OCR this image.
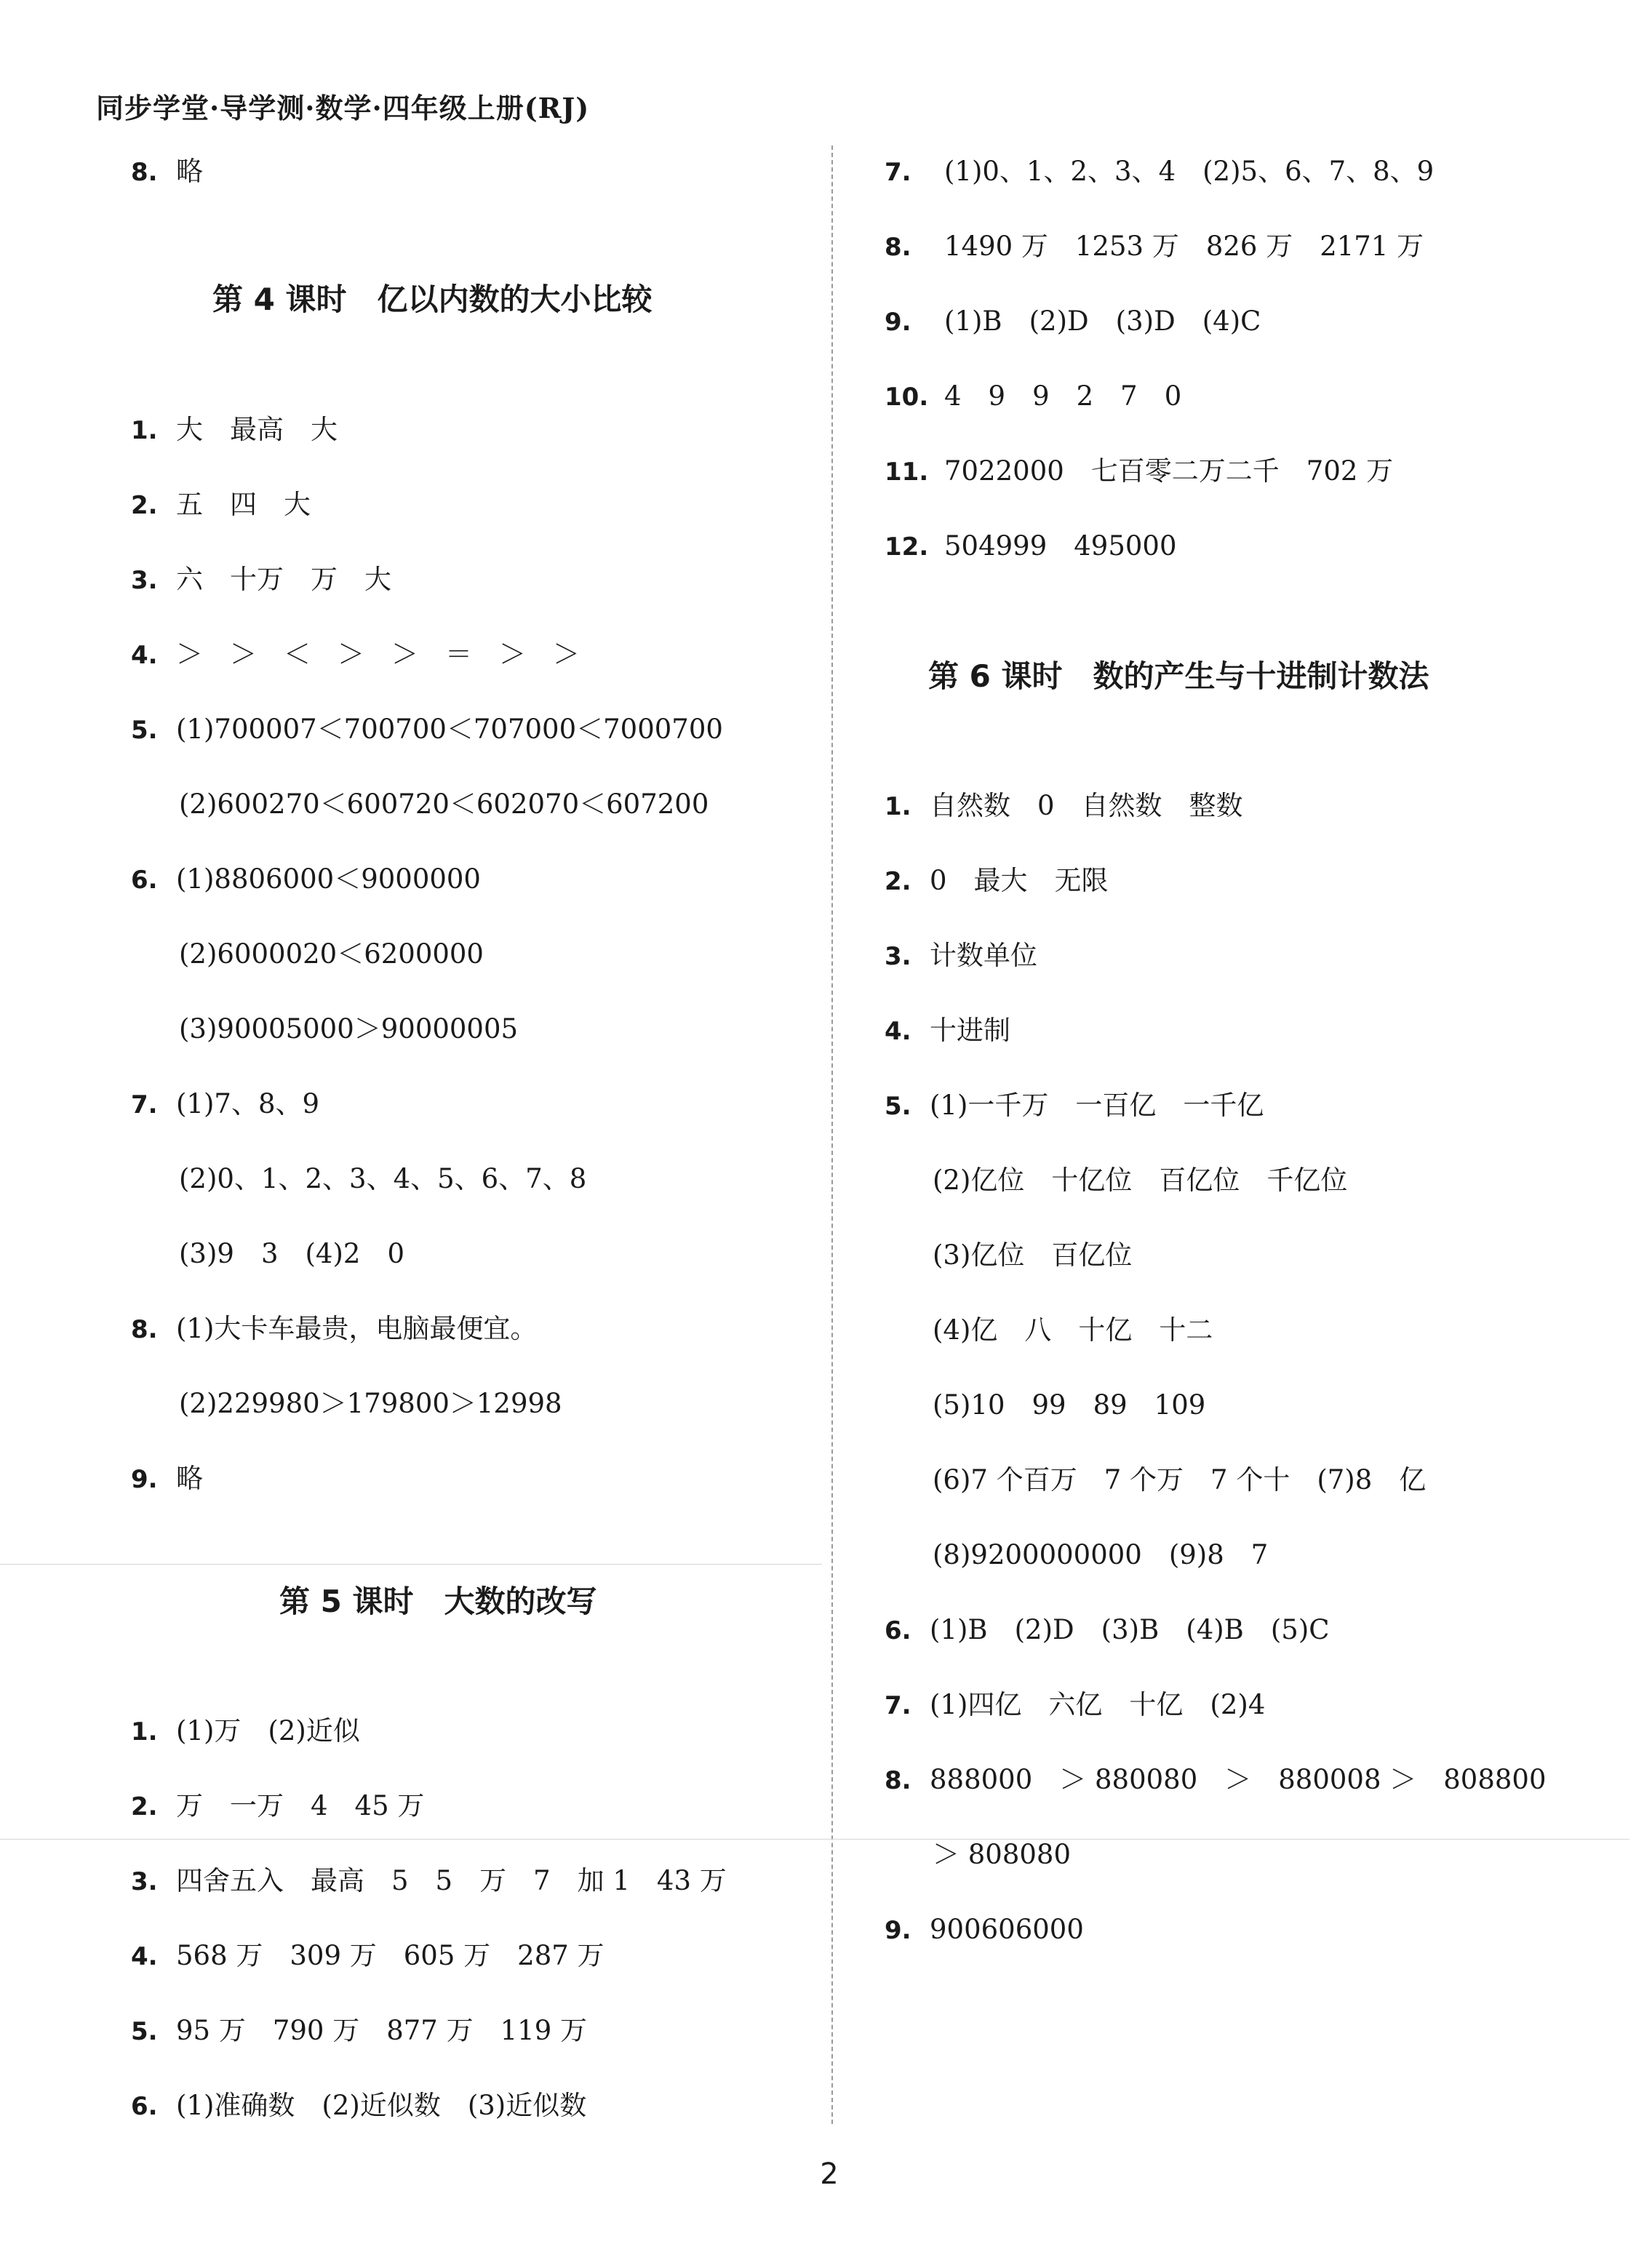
同步学堂·导学测·数学·四年级上册(RJ)
8. 略
第 4 课时　亿以内数的大小比较
1. 大　最高　大
2. 五　四　大
3. 六　十万　万　大
4. ＞　＞　＜　＞　＞　＝　＞　＞
5. (1)700007＜700700＜707000＜7000700
(2)600270＜600720＜602070＜607200
6. (1)8806000＜9000000
(2)6000020＜6200000
(3)90005000＞90000005
7. (1)7、8、9
(2)0、1、2、3、4、5、6、7、8
(3)9　3　(4)2　0
8. (1)大卡车最贵，电脑最便宜。
(2)229980＞179800＞12998
9. 略
第 5 课时　大数的改写
1. (1)万　(2)近似
2. 万　一万　4　45 万
3. 四舍五入　最高　5　5　万　7　加 1　43 万
4. 568 万　309 万　605 万　287 万
5. 95 万　790 万　877 万　119 万
6. (1)准确数　(2)近似数　(3)近似数
7. (1)0、1、2、3、4　(2)5、6、7、8、9
8. 1490 万　1253 万　826 万　2171 万
9. (1)B　(2)D　(3)D　(4)C
10. 4　9　9　2　7　0
11. 7022000　七百零二万二千　702 万
12. 504999　495000
第 6 课时　数的产生与十进制计数法
1. 自然数　0　自然数　整数
2. 0　最大　无限
3. 计数单位
4. 十进制
5. (1)一千万　一百亿　一千亿
(2)亿位　十亿位　百亿位　千亿位
(3)亿位　百亿位
(4)亿　八　十亿　十二
(5)10　99　89　109
(6)7 个百万　7 个万　7 个十　(7)8　亿
(8)9200000000　(9)8　7
6. (1)B　(2)D　(3)B　(4)B　(5)C
7. (1)四亿　六亿　十亿　(2)4
8. 888000　＞ 880080　＞　880008 ＞　808800
＞ 808080
9. 900606000
2
